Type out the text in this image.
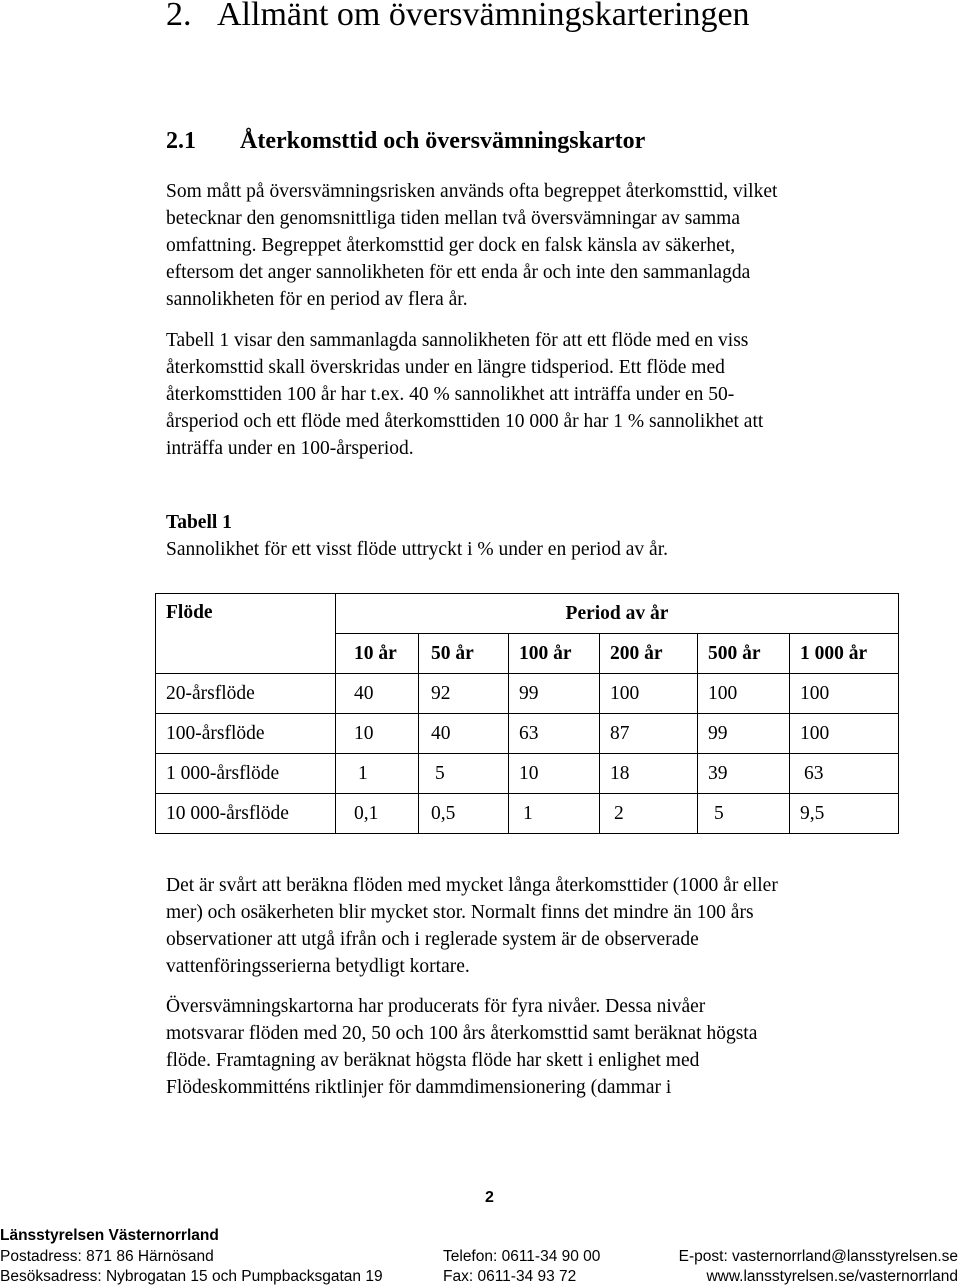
2. Allmänt om översvämningskarteringen
2.1 Återkomsttid och översvämningskartor

Som mått på översvämningsrisken används ofta begreppet återkomsttid, vilket
betecknar den genomsnittliga tiden mellan två översvämningar av samma
omfattning. Begreppet återkomsttid ger dock en falsk känsla av säkerhet,
eftersom det anger sannolikheten för ett enda år och inte den sammanlagda
sannolikheten för en period av flera år.

Tabell 1 visar den sammanlagda sannolikheten för att ett flöde med en viss
återkomsttid skall överskridas under en längre tidsperiod. Ett flöde med
återkomsttiden 100 år har t.ex. 40 % sannolikhet att inträffa under en 50-
årsperiod och ett flöde med återkomsttiden 10 000 år har 1 % sannolikhet att
inträffa under en 100-årsperiod.

Tabell 1

Sannolikhet för ett visst flöde uttryckt i % under en period av år.

Flöde	Period av år					
	10 år	50 år	100 år	200 år	500 år	1 000 år
20-årsflöde	40	92	99	100	100	100
100-årsflöde	10	40	63	87	99	100
1 000-årsflöde	1	5	10	18	39	63
10 000-årsflöde	0,1	0,5	1	2	5	9,5

Det är svårt att beräkna flöden med mycket långa återkomsttider (1000 år eller
mer) och osäkerheten blir mycket stor. Normalt finns det mindre än 100 års
observationer att utgå ifrån och i reglerade system är de observerade
vattenföringsserierna betydligt kortare.

Översvämningskartorna har producerats för fyra nivåer. Dessa nivåer
motsvarar flöden med 20, 50 och 100 års återkomsttid samt beräknat högsta
flöde. Framtagning av beräknat högsta flöde har skett i enlighet med
Flödeskommitténs riktlinjer för dammdimensionering (dammar i

2
Länsstyrelsen Västernorrland
Postadress: 871 86 Härnösand
Besöksadress: Nybrogatan 15 och Pumpbacksgatan 19
Telefon: 0611-34 90 00
Fax: 0611-34 93 72
E-post: vasternorrland@lansstyrelsen.se
www.lansstyrelsen.se/vasternorrland
